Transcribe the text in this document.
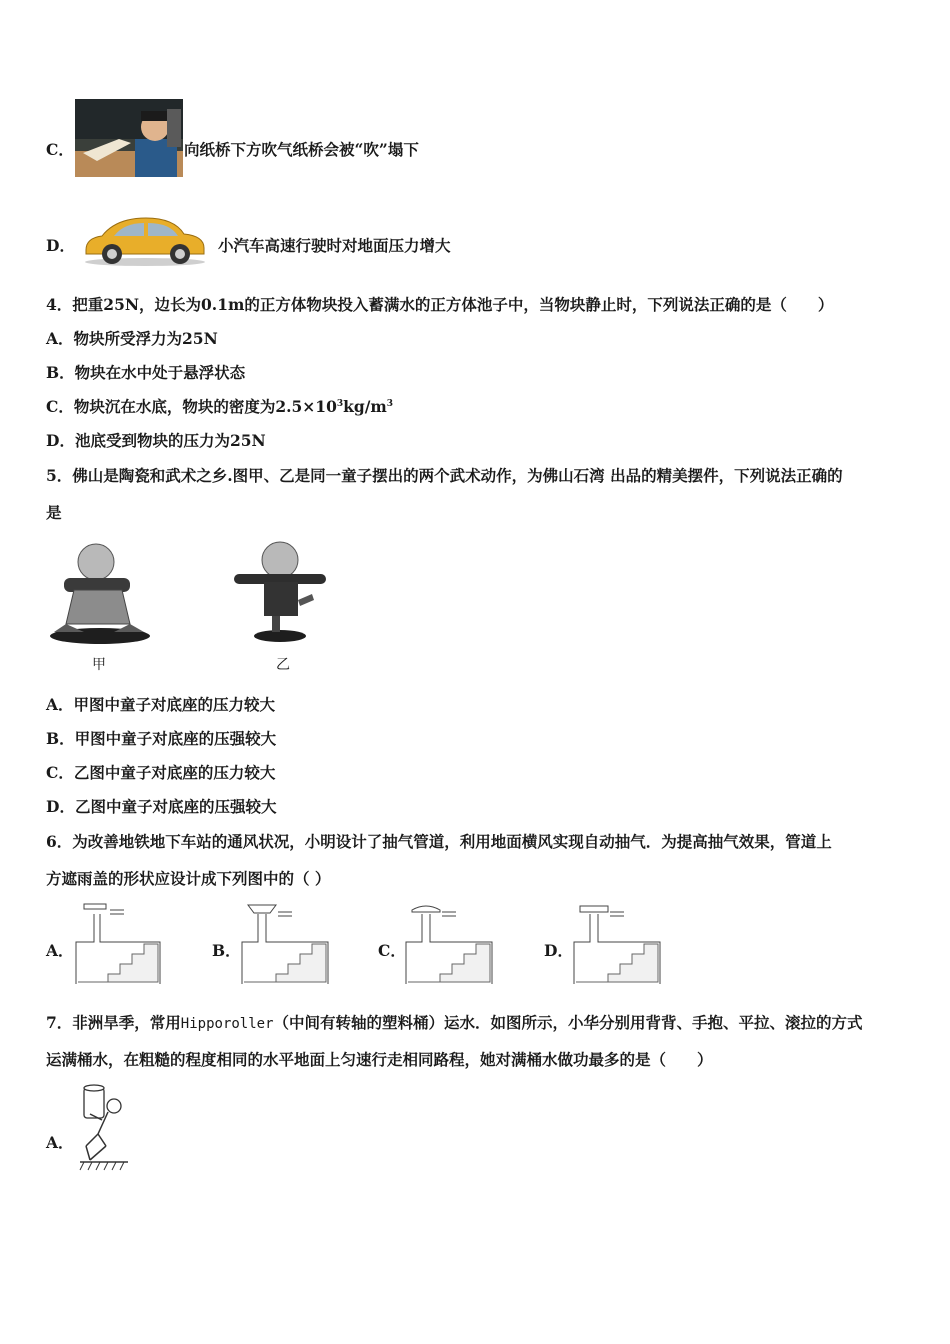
C．	向纸桥下方吹气纸桥会被“吹”塌下
D．	小汽车高速行驶时对地面压力增大
4．把重25N，边长为0.1m的正方体物块投入蓄满水的正方体池子中，当物块静止时，下列说法正确的是（　　）
A．物块所受浮力为25N
B．物块在水中处于悬浮状态
C．物块沉在水底，物块的密度为$2.5\times 10^3kg/m^3$
D．池底受到物块的压力为25N
5．佛山是陶瓷和武术之乡.图甲、乙是同一童子摆出的两个武术动作，为佛山石湾 出品的精美摆件，下列说法正确的
是
甲	乙
A．甲图中童子对底座的压力较大
B．甲图中童子对底座的压强较大
C．乙图中童子对底座的压力较大
D．乙图中童子对底座的压强较大
6．为改善地铁地下车站的通风状况，小明设计了抽气管道，利用地面横风实现自动抽气．为提高抽气效果，管道上
方遮雨盖的形状应设计成下列图中的（ ）
A．	B．	C．	D．
7．非洲旱季，常用Hipporoller（中间有转轴的塑料桶）运水．如图所示，小华分别用背背、手抱、平拉、滚拉的方式
运满桶水，在粗糙的程度相同的水平地面上匀速行走相同路程，她对满桶水做功最多的是（　　）
A．
